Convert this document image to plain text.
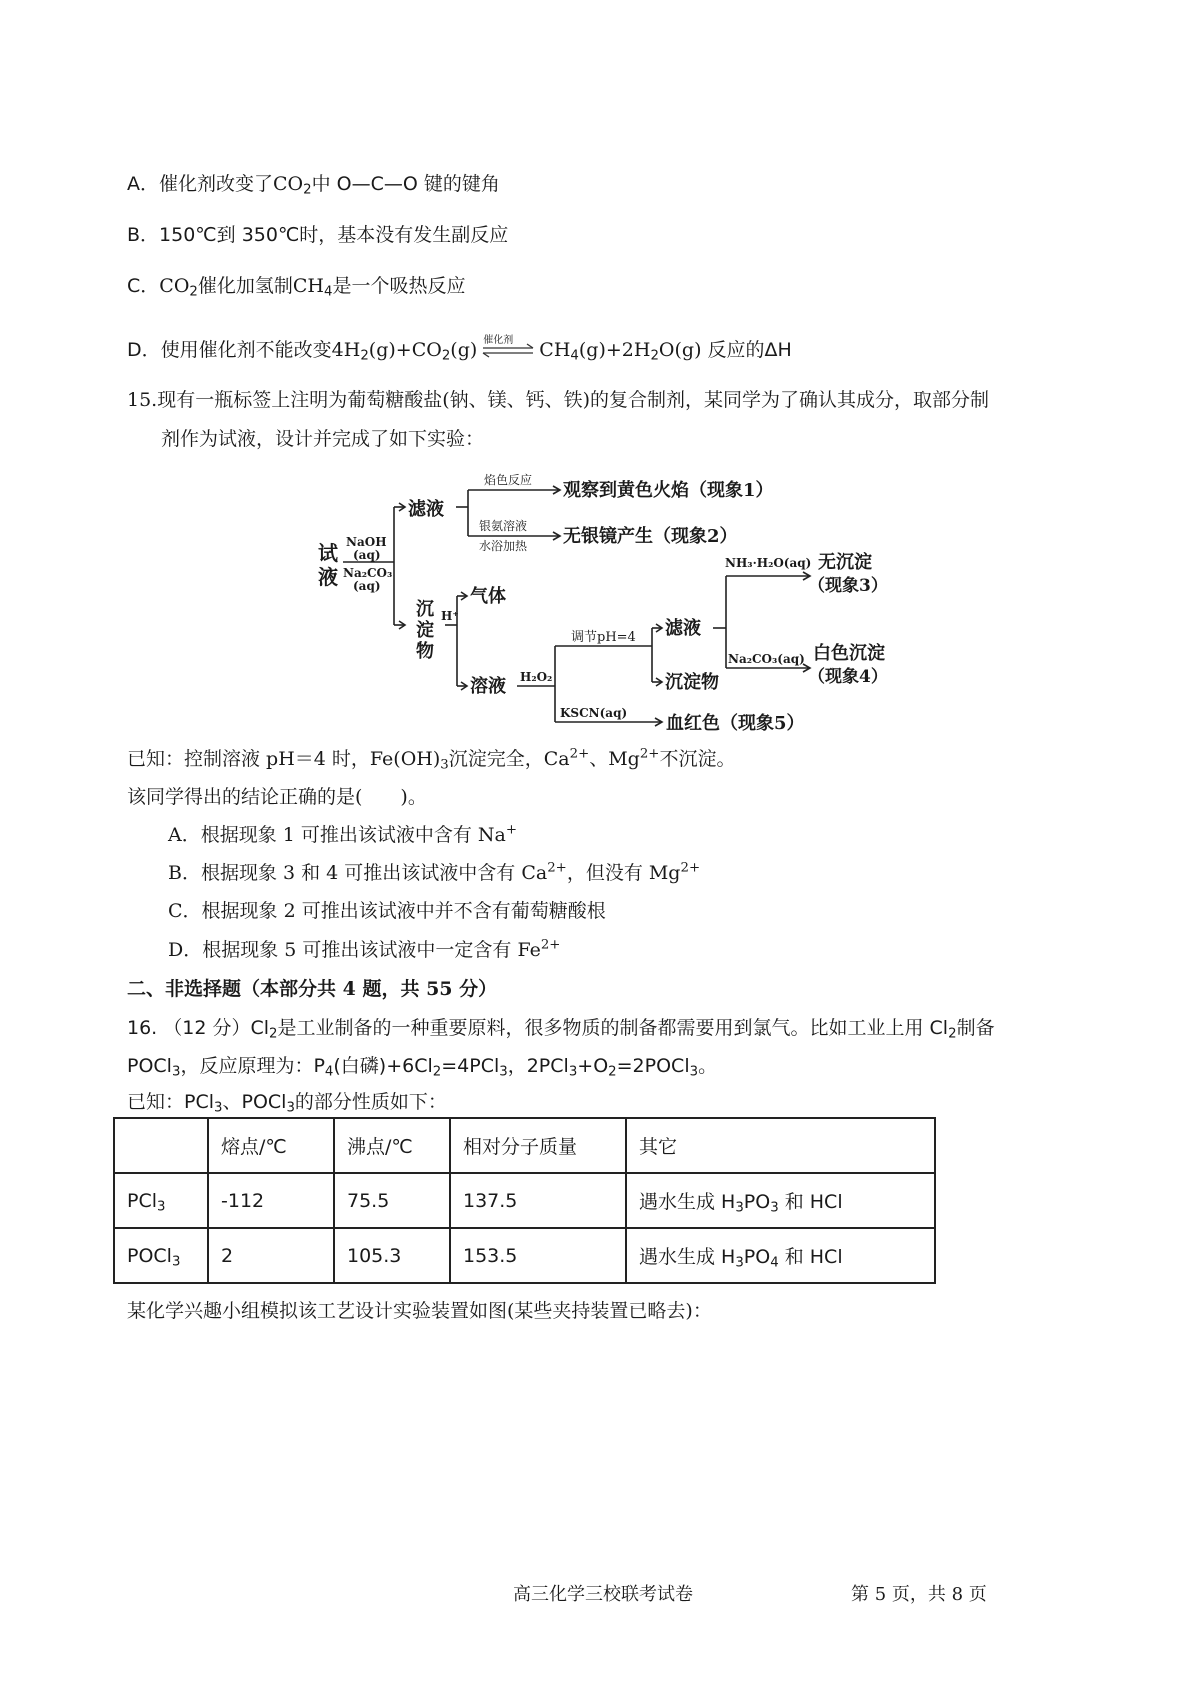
A．催化剂改变了$CO_2$中 O—C—O 键的键角
B．150℃到 350℃时，基本没有发生副反应
C．$CO_2$催化加氢制$CH_4$是一个吸热反应
D．使用催化剂不能改变$4H_2(g)+CO_2(g)$ 催化剂 $CH_4(g)+2H_2O(g)$ 反应的ΔH
15.现有一瓶标签上注明为葡萄糖酸盐(钠、镁、钙、铁)的复合制剂，某同学为了确认其成分，取部分制
剂作为试液，设计并完成了如下实验：
试
液
NaOH
(aq)
Na₂CO₃
(aq)
滤液
焰色反应 观察到黄色火焰（现象1）
银氨溶液
水浴加热 无银镜产生（现象2）
沉
淀
物
H⁺
气体
溶液 H₂O₂
调节pH=4 滤液
沉淀物
NH₃·H₂O(aq) 无沉淀
（现象3）
Na₂CO₃(aq) 白色沉淀
（现象4）
KSCN(aq) 血红色（现象5）
已知：控制溶液 pH＝4 时，$Fe(OH)_3$沉淀完全，$Ca^{2+}$、$Mg^{2+}$不沉淀。
该同学得出的结论正确的是(　　)。
A．根据现象 1 可推出该试液中含有 Na+
B．根据现象 3 和 4 可推出该试液中含有 $Ca^{2+}$，但没有 $Mg^{2+}$
C．根据现象 2 可推出该试液中并不含有葡萄糖酸根
D．根据现象 5 可推出该试液中一定含有 $Fe^{2+}$
二、非选择题（本部分共 4 题，共 55 分）
16. （12 分）$Cl_2$是工业制备的一种重要原料，很多物质的制备都需要用到氯气。比如工业上用 $Cl_2$制备
POCl$_3$，反应原理为：$P_4$(白磷)$+6Cl_2=4PCl_3$，$2PCl_3+O_2=2POCl_3$。
已知：PCl$_3$、POCl$_3$的部分性质如下：
	熔点/℃	沸点/℃	相对分子质量	其它
PCl$_3$	-112	75.5	137.5	遇水生成 $H_3PO_3$ 和 HCl
POCl$_3$	2	105.3	153.5	遇水生成 $H_3PO_4$ 和 HCl
某化学兴趣小组模拟该工艺设计实验装置如图(某些夹持装置已略去)：
高三化学三校联考试卷	第 5 页，共 8 页
